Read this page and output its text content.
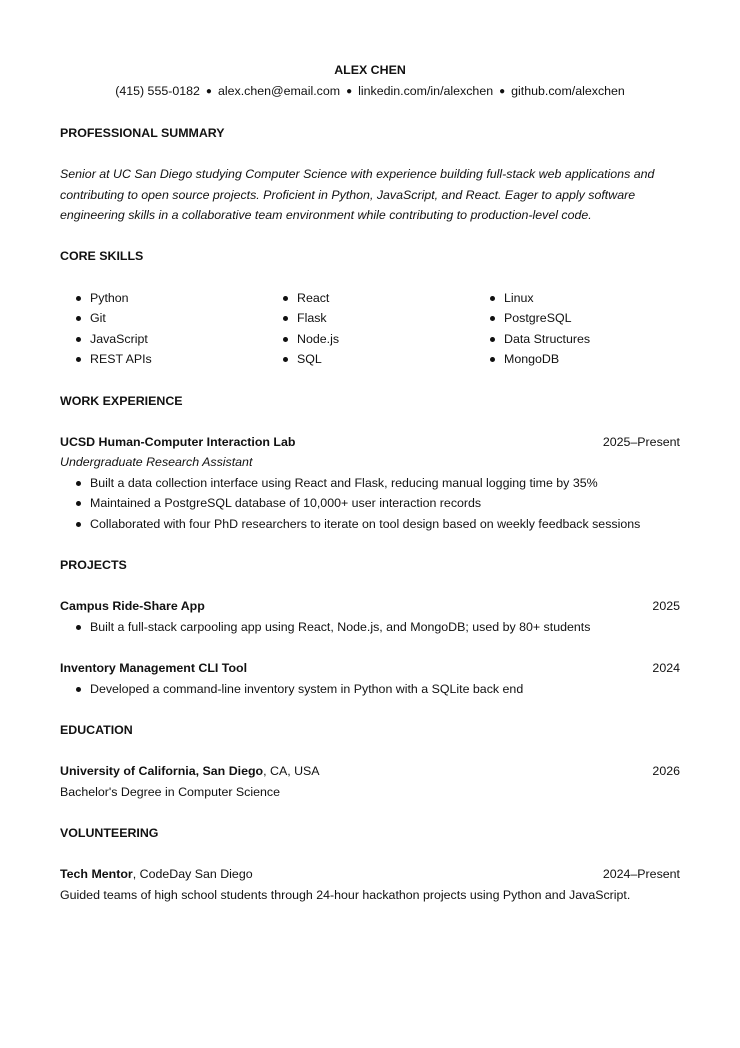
ALEX CHEN

(415) 555-0182 ● alex.chen@email.com ● linkedin.com/in/alexchen ● github.com/alexchen

PROFESSIONAL SUMMARY

Senior at UC San Diego studying Computer Science with experience building full-stack web applications and contributing to open source projects. Proficient in Python, JavaScript, and React. Eager to apply software engineering skills in a collaborative team environment while contributing to production-level code.

CORE SKILLS

Python	React	Linux
Git	Flask	PostgreSQL
JavaScript	Node.js	Data Structures
REST APIs	SQL	MongoDB

WORK EXPERIENCE

UCSD Human-Computer Interaction Lab	2025–Present

Undergraduate Research Assistant

Built a data collection interface using React and Flask, reducing manual logging time by 35%
Maintained a PostgreSQL database of 10,000+ user interaction records
Collaborated with four PhD researchers to iterate on tool design based on weekly feedback sessions

PROJECTS

Campus Ride-Share App	2025
Built a full-stack carpooling app using React, Node.js, and MongoDB; used by 80+ students
Inventory Management CLI Tool	2024
Developed a command-line inventory system in Python with a SQLite back end

EDUCATION

University of California, San Diego, CA, USA	2026

Bachelor's Degree in Computer Science

VOLUNTEERING

Tech Mentor, CodeDay San Diego	2024–Present

Guided teams of high school students through 24-hour hackathon projects using Python and JavaScript.
